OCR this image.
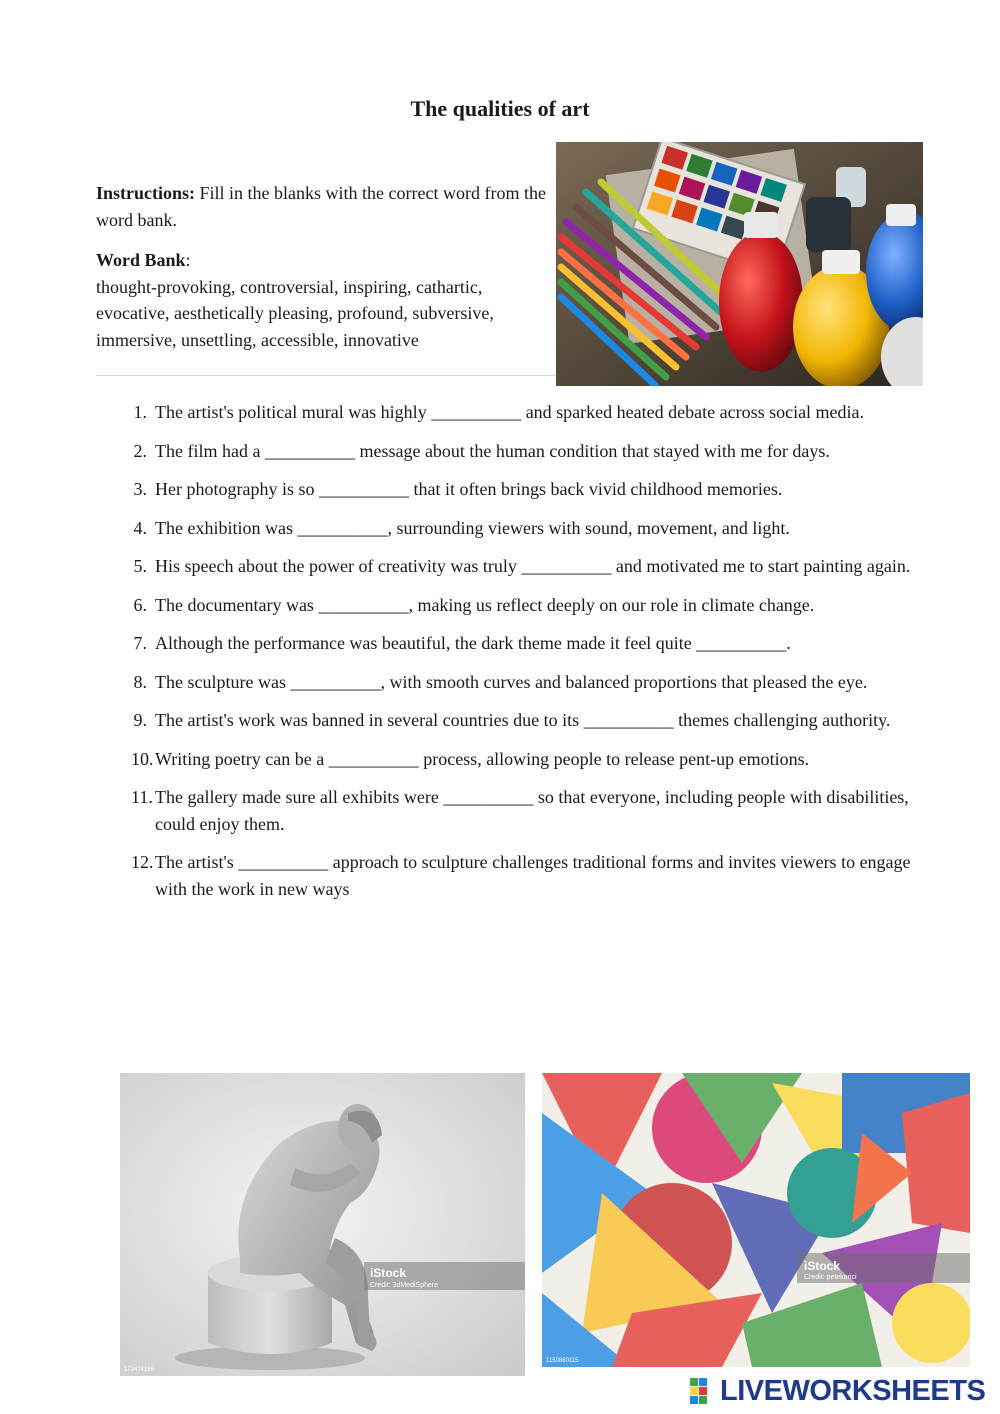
The qualities of art

Instructions: Fill in the blanks with the correct word from the word bank.

Word Bank:

thought-provoking, controversial, inspiring, cathartic, evocative, aesthetically pleasing, profound, subversive, immersive, unsettling, accessible, innovative

1. The artist's political mural was highly __________ and sparked heated debate across social media.
2. The film had a __________ message about the human condition that stayed with me for days.
3. Her photography is so __________ that it often brings back vivid childhood memories.
4. The exhibition was __________, surrounding viewers with sound, movement, and light.
5. His speech about the power of creativity was truly __________ and motivated me to start painting again.
6. The documentary was __________, making us reflect deeply on our role in climate change.
7. Although the performance was beautiful, the dark theme made it feel quite __________.
8. The sculpture was __________, with smooth curves and balanced proportions that pleased the eye.
9. The artist's work was banned in several countries due to its __________ themes challenging authority.
10. Writing poetry can be a __________ process, allowing people to release pent-up emotions.
11. The gallery made sure all exhibits were __________ so that everyone, including people with disabilities, could enjoy them.
12. The artist's __________ approach to sculpture challenges traditional forms and invites viewers to engage with the work in new ways
iStock
Credit: 3dMediSphere
172474195
iStock
Credit: petekarici
1150860115
LIVEWORKSHEETS
